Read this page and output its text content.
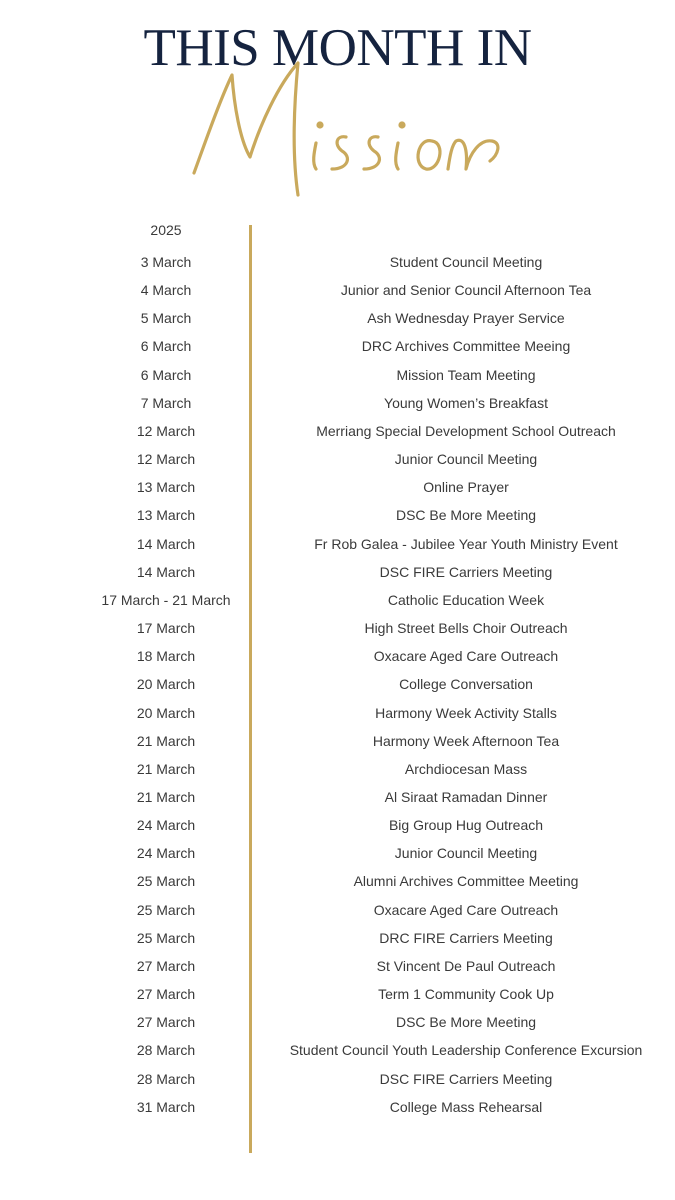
THIS MONTH IN
2025
3 March	Student Council Meeting
4 March	Junior and Senior Council Afternoon Tea
5 March	Ash Wednesday Prayer Service
6 March	DRC Archives Committee Meeing
6 March	Mission Team Meeting
7 March	Young Women’s Breakfast
12 March	Merriang Special Development School Outreach
12 March	Junior Council Meeting
13 March	Online Prayer
13 March	DSC Be More Meeting
14 March	Fr Rob Galea - Jubilee Year Youth Ministry Event
14 March	DSC FIRE Carriers Meeting
17 March - 21 March	Catholic Education Week
17 March	High Street Bells Choir Outreach
18 March	Oxacare Aged Care Outreach
20 March	College Conversation
20 March	Harmony Week Activity Stalls
21 March	Harmony Week Afternoon Tea
21 March	Archdiocesan Mass
21 March	Al Siraat Ramadan Dinner
24 March	Big Group Hug Outreach
24 March	Junior Council Meeting
25 March	Alumni Archives Committee Meeting
25 March	Oxacare Aged Care Outreach
25 March	DRC FIRE Carriers Meeting
27 March	St Vincent De Paul Outreach
27 March	Term 1 Community Cook Up
27 March	DSC Be More Meeting
28 March	Student Council Youth Leadership Conference Excursion
28 March	DSC FIRE Carriers Meeting
31 March	College Mass Rehearsal
